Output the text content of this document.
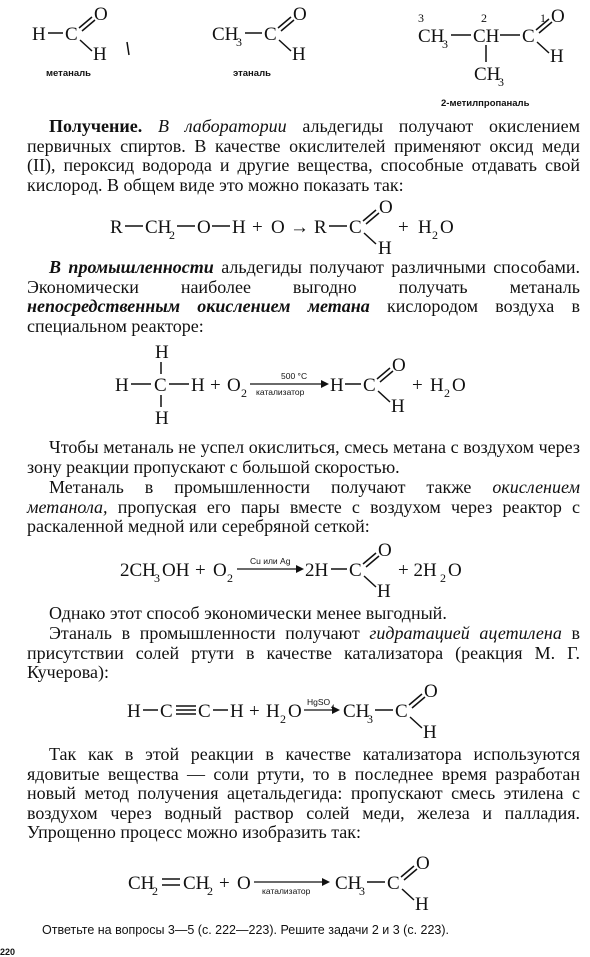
H C
O
H
метаналь
CH
3 C
O
H
этаналь
3	2	1
CH
3 CH C
O
H
CH
3
2-метилпропаналь

Получение. В лаборатории альдегиды получают окислением первичных спиртов. В качестве окислителей применяют оксид меди (II), пероксид водорода и другие вещества, способные отдавать свой кислород. В общем виде это можно показать так:

R CH
2 O H + O → R C
O
H
+ H 2 O

В промышленности альдегиды получают различными способами. Экономически наиболее выгодно получать метаналь непосредственным окислением метана кислородом воздуха в специальном реакторе:

H
H C H
H
+ O 2
500 °C
катализатор H C
O
H
+ H 2 O

Чтобы метаналь не успел окислиться, смесь метана с воздухом через зону реакции пропускают с большой скоростью.

Метаналь в промышленности получают также окислением метанола, пропуская его пары вместе с воздухом через реактор с раскаленной медной или серебряной сеткой:

2CH
3 OH + O 2
Cu или Ag 2H C
O
H
+ 2H 2 O

Однако этот способ экономически менее выгодный.

Этаналь в промышленности получают гидратацией ацетилена в присутствии солей ртути в качестве катализатора (реакция М. Г. Кучерова):

H C C H + H 2 O HgSO CH
3 C
O
H

Так как в этой реакции в качестве катализатора используются ядовитые вещества — соли ртути, то в последнее время разработан новый метод получения ацетальдегида: пропускают смесь этилена с воздухом через водный раствор солей меди, железа и палладия. Упрощенно процесс можно изобразить так:

CH
2 CH
2 + O катализатор CH
3 C
O
H
Ответьте на вопросы 3—5 (с. 222—223). Решите задачи 2 и 3 (с. 223).
220
